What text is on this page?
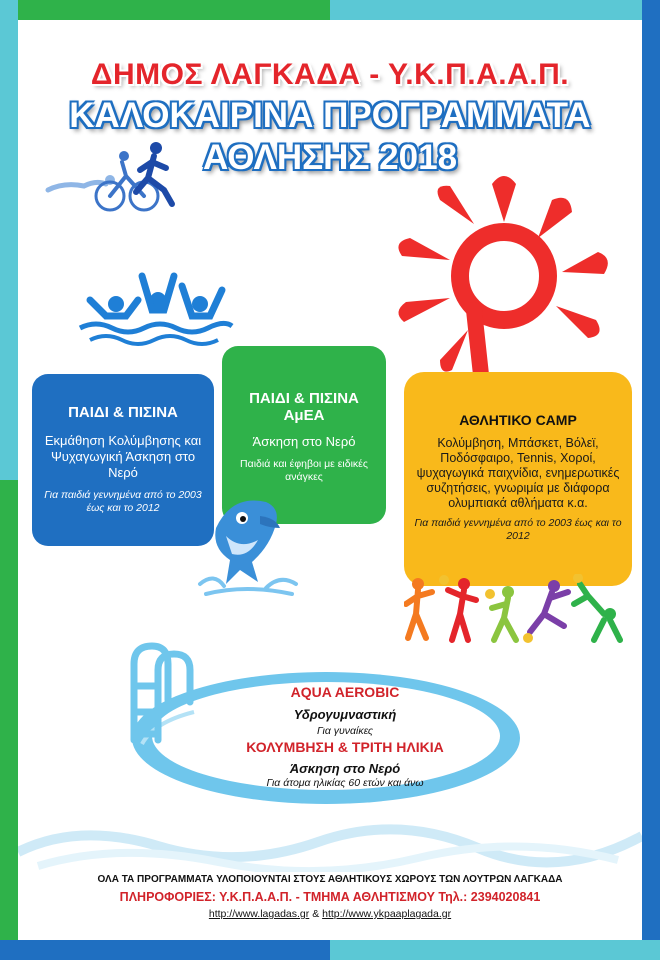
ΔΗΜΟΣ ΛΑΓΚΑΔΑ - Υ.Κ.Π.Α.Α.Π.
ΚΑΛΟΚΑΙΡΙΝΑ ΠΡΟΓΡΑΜΜΑΤΑ
ΑΘΛΗΣΗΣ 2018
ΠΑΙΔΙ & ΠΙΣΙΝΑ
Εκμάθηση Κολύμβησης και Ψυχαγωγική Άσκηση στο Νερό
Για παιδιά γεννημένα από το 2003 έως και το 2012
ΠΑΙΔΙ & ΠΙΣΙΝΑ ΑμΕΑ
Άσκηση στο Νερό
Παιδιά και έφηβοι με ειδικές ανάγκες
ΑΘΛΗΤΙΚΟ CAMP
Κολύμβηση, Μπάσκετ, Βόλεϊ, Ποδόσφαιρο, Tennis, Χοροί, ψυχαγωγικά παιχνίδια, ενημερωτικές συζητήσεις, γνωριμία με διάφορα ολυμπιακά αθλήματα κ.α.
Για παιδιά γεννημένα από το 2003 έως και το 2012
AQUA AEROBIC
Υδρογυμναστική
Για γυναίκες
ΚΟΛΥΜΒΗΣΗ & ΤΡΙΤΗ ΗΛΙΚΙΑ
Άσκηση στο Νερό
Για άτομα ηλικίας 60 ετών και άνω
ΟΛΑ ΤΑ ΠΡΟΓΡΑΜΜΑΤΑ ΥΛΟΠΟΙΟΥΝΤΑΙ ΣΤΟΥΣ ΑΘΛΗΤΙΚΟΥΣ ΧΩΡΟΥΣ ΤΩΝ ΛΟΥΤΡΩΝ ΛΑΓΚΑΔΑ
ΠΛΗΡΟΦΟΡΙΕΣ: Υ.Κ.Π.Α.Α.Π. - ΤΜΗΜΑ ΑΘΛΗΤΙΣΜΟΥ Τηλ.: 2394020841
http://www.lagadas.gr & http://www.ykpaaplagada.gr
